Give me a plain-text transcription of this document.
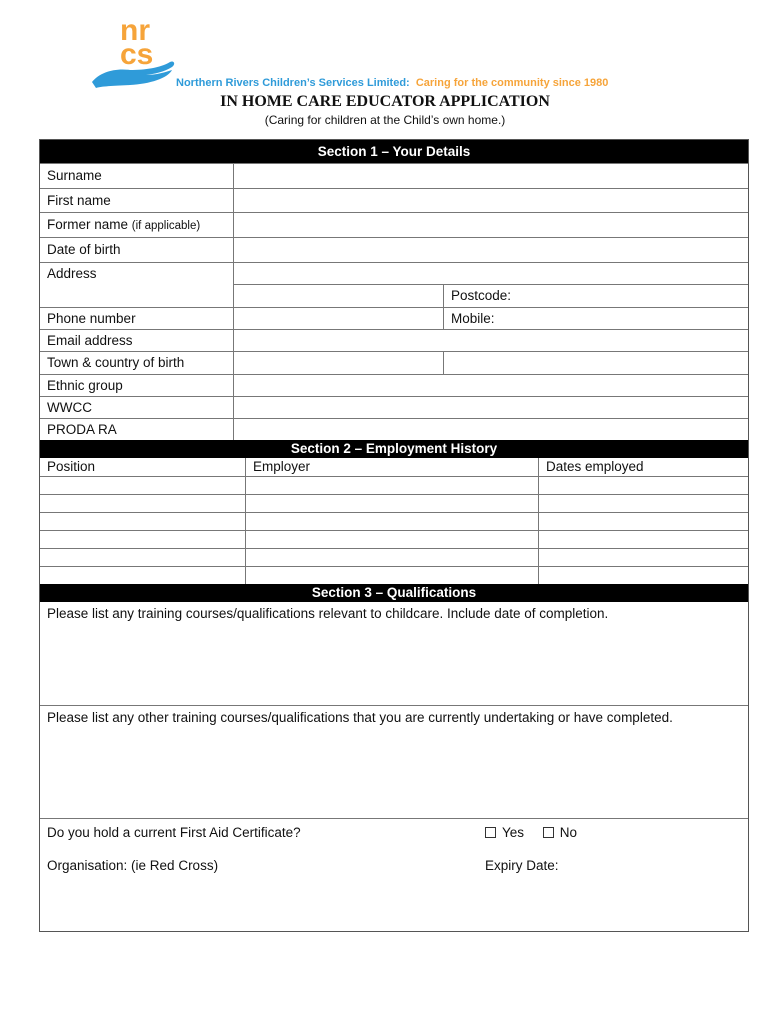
nr
cs
Northern Rivers Children’s Services Limited: Caring for the community since 1980
IN HOME CARE EDUCATOR APPLICATION
(Caring for children at the Child’s own home.)
Section 1 – Your Details
Surname
First name
Former name (if applicable)
Date of birth
Address
Postcode:
Phone number	Mobile:
Email address
Town & country of birth
Ethnic group
WWCC
PRODA RA
Section 2 – Employment History
Position	Employer	Dates employed
Section 3 – Qualifications
Please list any training courses/qualifications relevant to childcare. Include date of completion.
Please list any other training courses/qualifications that you are currently undertaking or have completed.
Do you hold a current First Aid Certificate?	Yes	No
Organisation: (ie Red Cross)	Expiry Date:
